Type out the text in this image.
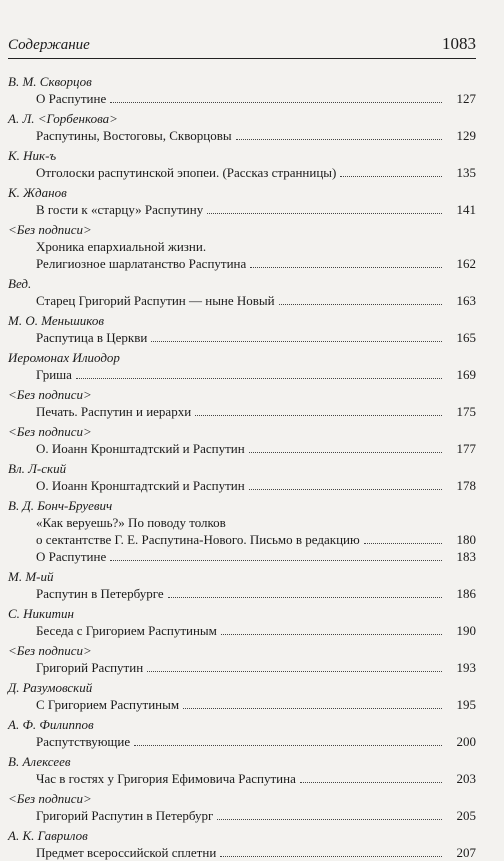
Содержание	1083
В. М. Скворцов
О Распутине	127
А. Л. <Горбенкова>
Распутины, Востоговы, Скворцовы	129
К. Ник-ъ
Отголоски распутинской эпопеи. (Рассказ странницы)	135
К. Жданов
В гости к «старцу» Распутину	141
<Без подписи>
Хроника епархиальной жизни.
Религиозное шарлатанство Распутина	162
Вед.
Старец Григорий Распутин — ныне Новый	163
М. О. Меньшиков
Распутица в Церкви	165
Иеромонах Илиодор
Гриша	169
<Без подписи>
Печать. Распутин и иерархи	175
<Без подписи>
О. Иоанн Кронштадтский и Распутин	177
Вл. Л-ский
О. Иоанн Кронштадтский и Распутин	178
В. Д. Бонч-Бруевич
«Как веруешь?» По поводу толков
о сектантстве Г. Е. Распутина-Нового. Письмо в редакцию	180
О Распутине	183
М. М-ий
Распутин в Петербурге	186
С. Никитин
Беседа с Григорием Распутиным	190
<Без подписи>
Григорий Распутин	193
Д. Разумовский
С Григорием Распутиным	195
А. Ф. Филиппов
Распутствующие	200
В. Алексеев
Час в гостях у Григория Ефимовича Распутина	203
<Без подписи>
Григорий Распутин в Петербург	205
А. К. Гаврилов
Предмет всероссийской сплетни	207
